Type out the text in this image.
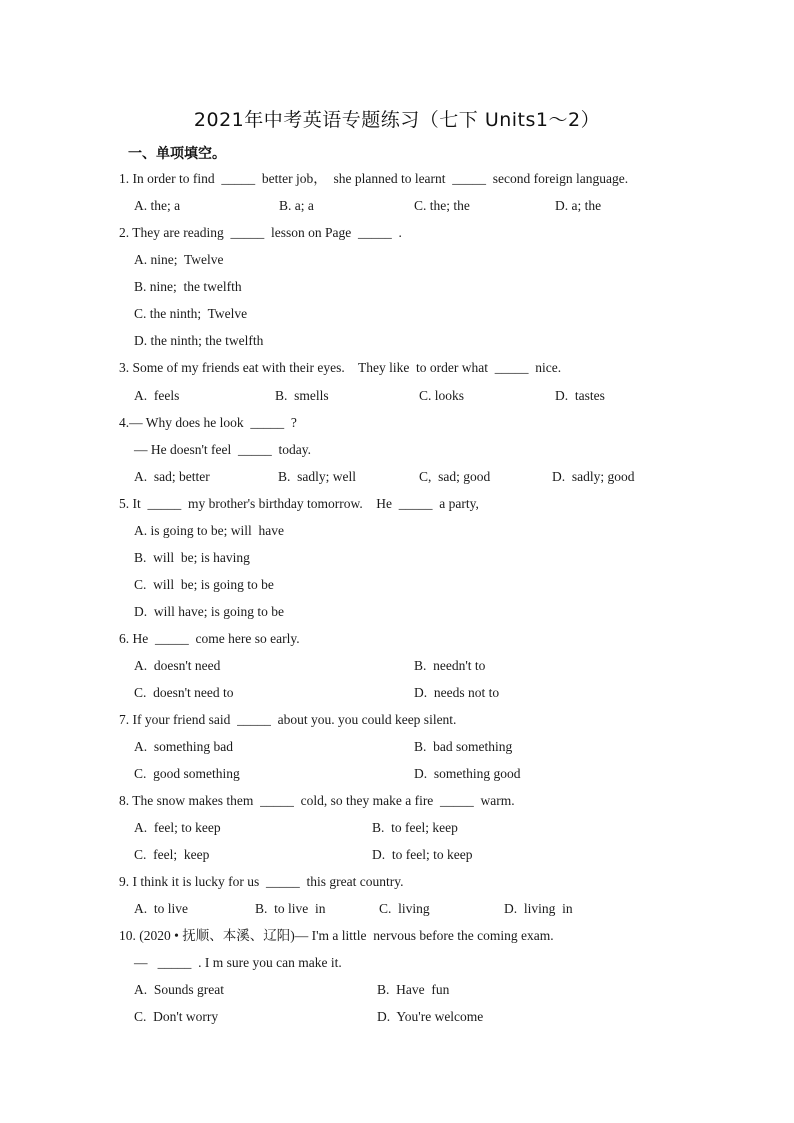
2021年中考英语专题练习（七下 Units1～2）
一、单项填空。
1. In order to find  _____  better job，  she planned to learnt  _____  second foreign language.
A. the; a	B. a; a	C. the; the	D. a; the
2. They are reading  _____  lesson on Page  _____  .
A. nine;  Twelve
B. nine;  the twelfth
C. the ninth;  Twelve
D. the ninth; the twelfth
3. Some of my friends eat with their eyes.    They like  to order what  _____  nice.
A.  feels	B.  smells	C. looks	D.  tastes
4.— Why does he look  _____  ?
— He doesn't feel  _____  today.
A.  sad; better	B.  sadly; well	C,  sad; good	D.  sadly; good
5. It  _____  my brother's birthday tomorrow.    He  _____  a party,
A. is going to be; will  have
B.  will  be; is having
C.  will  be; is going to be
D.  will have; is going to be
6. He  _____  come here so early.
A.  doesn't need	B.  needn't to
C.  doesn't need to	D.  needs not to
7. If your friend said  _____  about you. you could keep silent.
A.  something bad	B.  bad something
C.  good something	D.  something good
8. The snow makes them  _____  cold, so they make a fire  _____  warm.
A.  feel; to keep	B.  to feel; keep
C.  feel;  keep	D.  to feel; to keep
9. I think it is lucky for us  _____  this great country.
A.  to live	B.  to live  in	C.  living	D.  living  in
10. (2020 • 抚顺、本溪、辽阳)— I'm a little  nervous before the coming exam.
—   _____  . I m sure you can make it.
A.  Sounds great	B.  Have  fun
C.  Don't worry	D.  You're welcome
